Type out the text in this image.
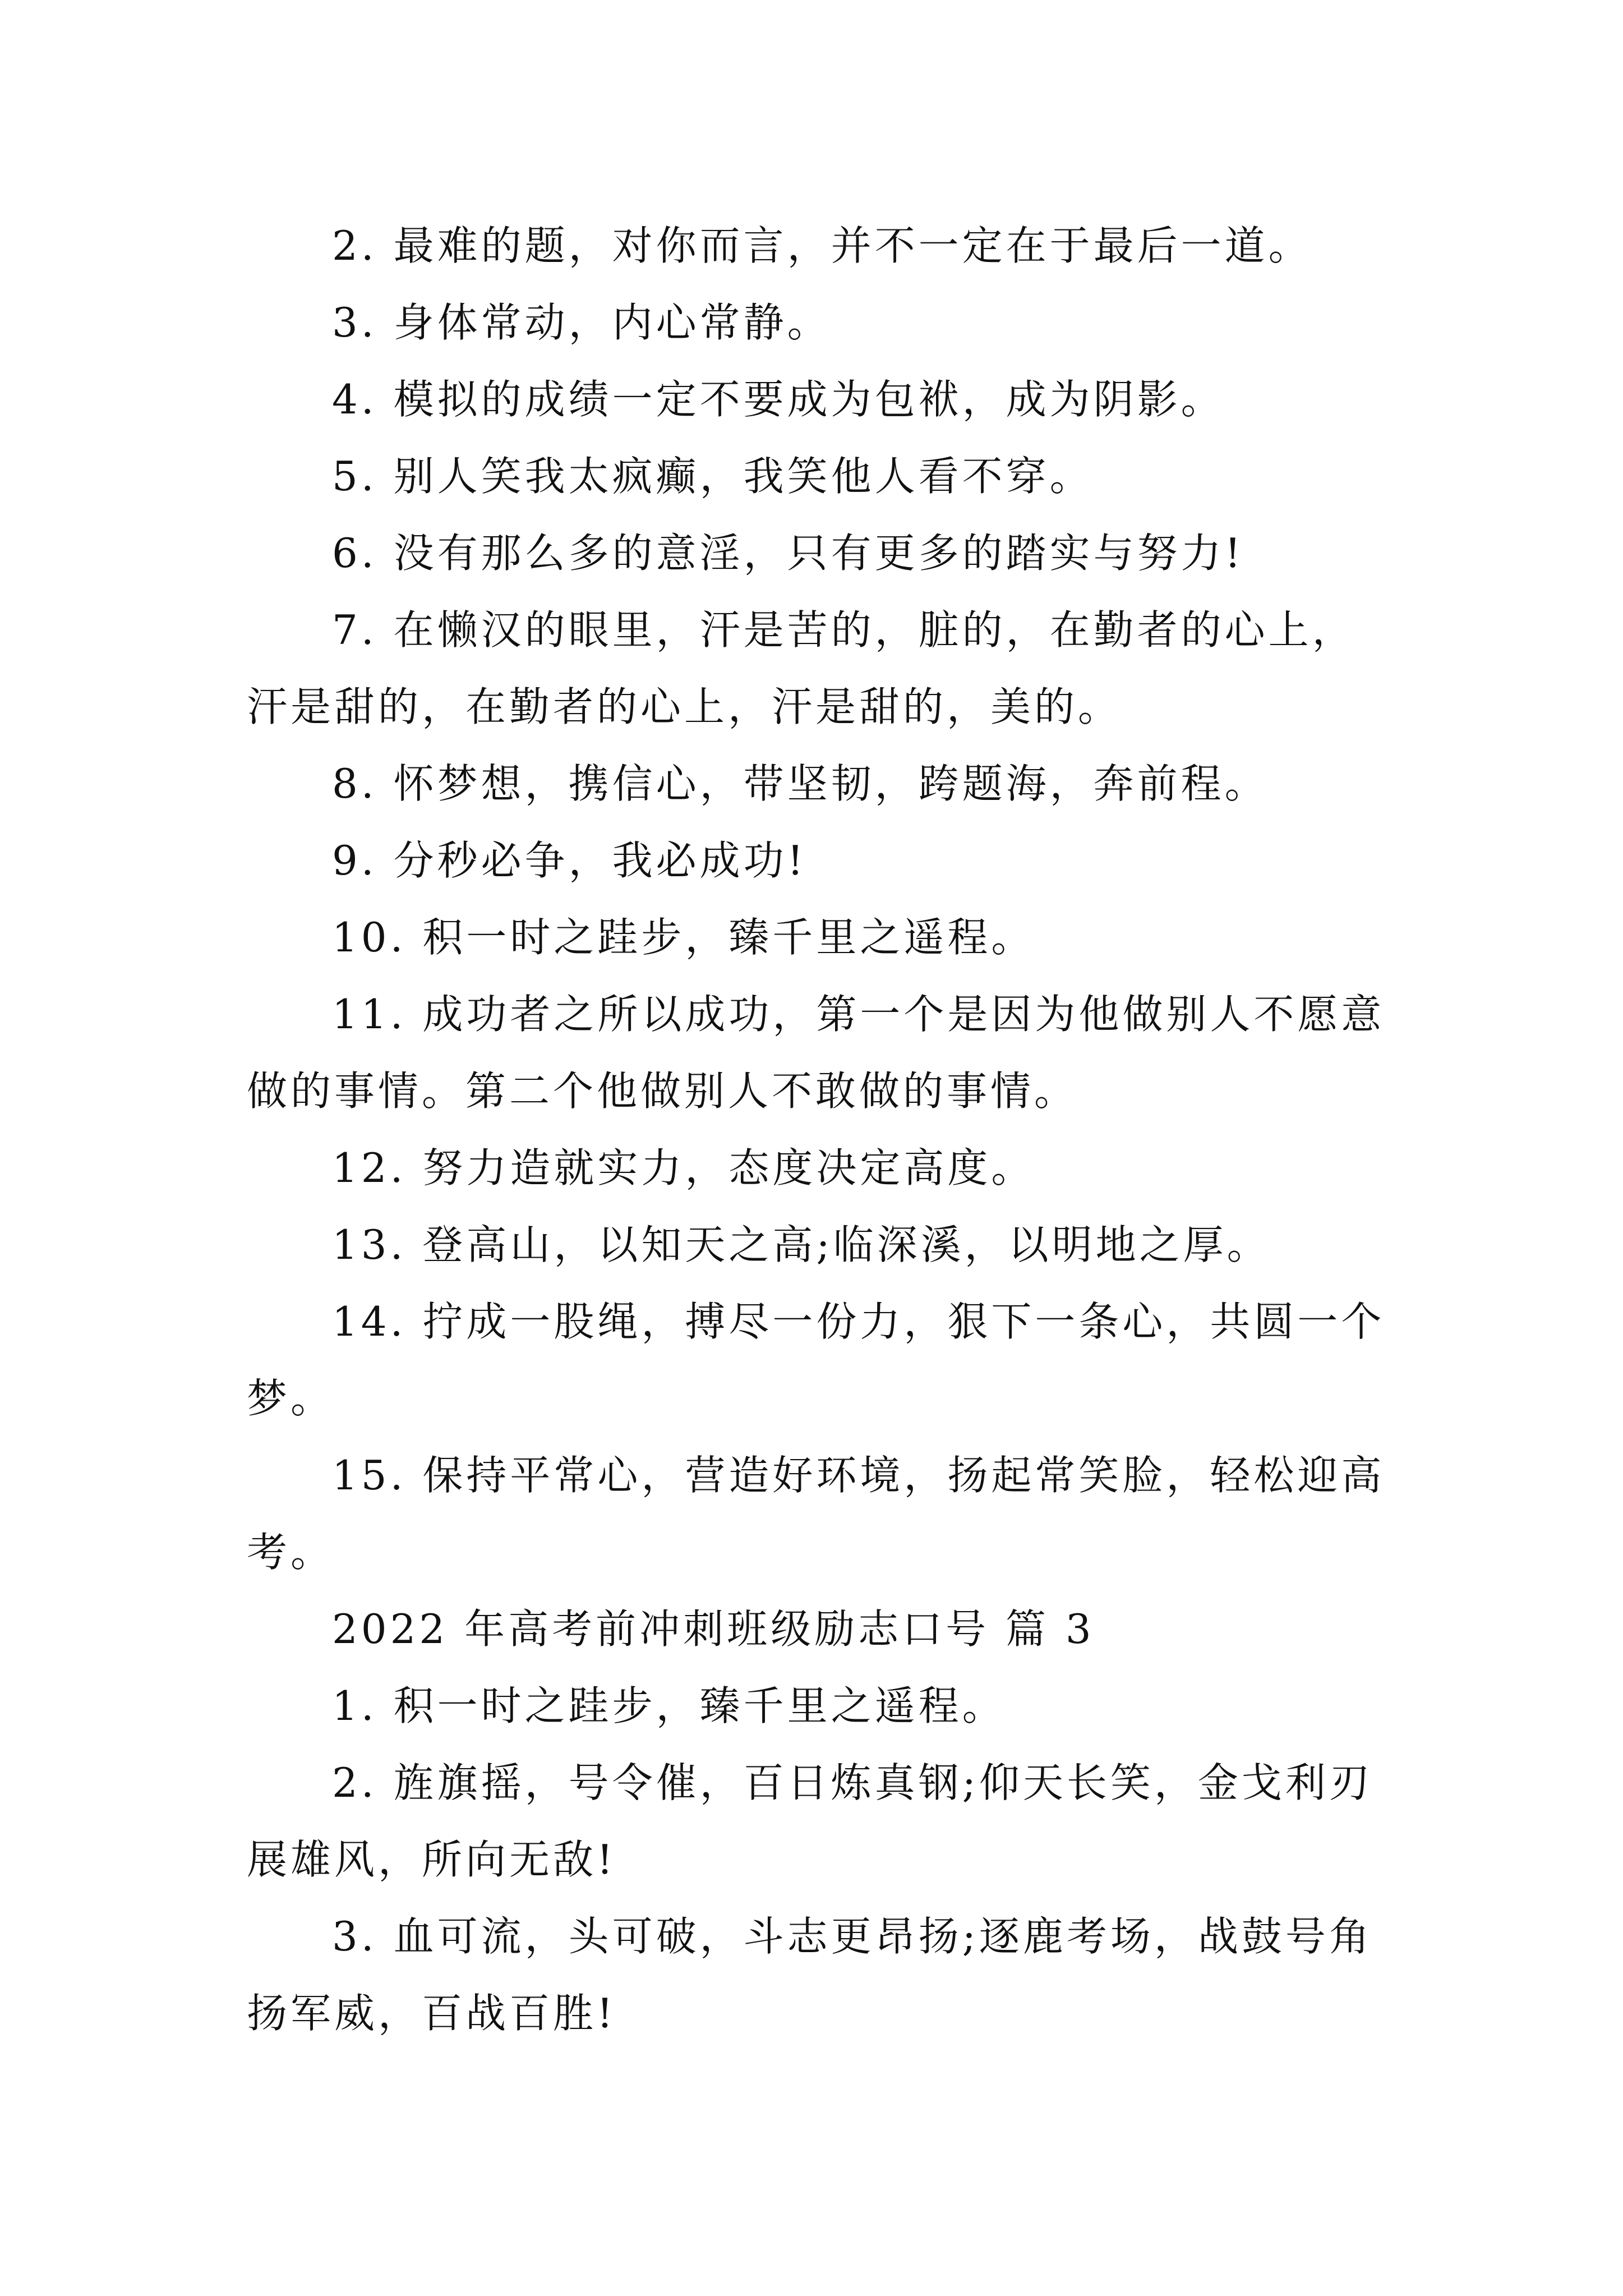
2. 最难的题，对你而言，并不一定在于最后一道。
3. 身体常动，内心常静。
4. 模拟的成绩一定不要成为包袱，成为阴影。
5. 别人笑我太疯癫，我笑他人看不穿。
6. 没有那么多的意淫，只有更多的踏实与努力!
7. 在懒汉的眼里，汗是苦的，脏的，在勤者的心上，
汗是甜的，在勤者的心上，汗是甜的，美的。
8. 怀梦想，携信心，带坚韧，跨题海，奔前程。
9. 分秒必争，我必成功!
10. 积一时之跬步，臻千里之遥程。
11. 成功者之所以成功，第一个是因为他做别人不愿意
做的事情。第二个他做别人不敢做的事情。
12. 努力造就实力，态度决定高度。
13. 登高山，以知天之高;临深溪，以明地之厚。
14. 拧成一股绳，搏尽一份力，狠下一条心，共圆一个
梦。
15. 保持平常心，营造好环境，扬起常笑脸，轻松迎高
考。
2022 年高考前冲刺班级励志口号 篇 3
1. 积一时之跬步，臻千里之遥程。
2. 旌旗摇，号令催，百日炼真钢;仰天长笑，金戈利刃
展雄风，所向无敌!
3. 血可流，头可破，斗志更昂扬;逐鹿考场，战鼓号角
扬军威，百战百胜!
